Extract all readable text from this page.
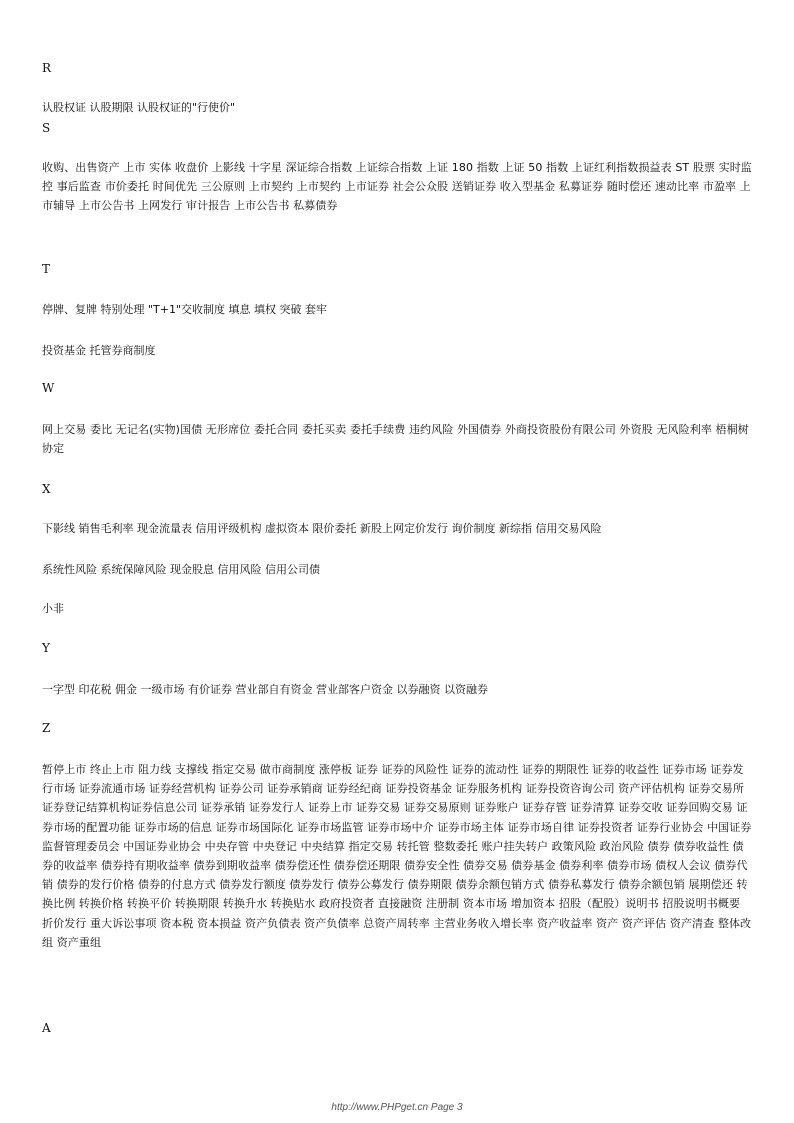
R
认股权证 认股期限 认股权证的"行使价"
S
收购、出售资产 上市 实体 收盘价 上影线 十字星 深证综合指数 上证综合指数 上证 180 指数 上证 50 指数 上证红利指数损益表 ST 股票 实时监控 事后监查 市价委托 时间优先 三公原则 上市契约 上市契约 上市证券 社会公众股 送销证券 收入型基金 私募证券 随时偿还 速动比率 市盈率 上市辅导 上市公告书 上网发行 审计报告 上市公告书 私募债券
T
停牌、复牌 特别处理 "T+1"交收制度 填息 填权 突破 套牢
投资基金 托管券商制度
W
网上交易 委比 无记名(实物)国债 无形席位 委托合同 委托买卖 委托手续费 违约风险 外国债券 外商投资股份有限公司 外资股 无风险利率 梧桐树协定
X
下影线 销售毛利率 现金流量表 信用评级机构 虚拟资本 限价委托 新股上网定价发行 询价制度 新综指 信用交易风险
系统性风险 系统保障风险 现金股息 信用风险 信用公司债
小非
Y
一字型 印花税 佣金 一级市场 有价证券 营业部自有资金 营业部客户资金 以券融资 以资融券
Z
暂停上市 终止上市 阻力线 支撑线 指定交易 做市商制度 涨停板 证券 证券的风险性 证券的流动性 证券的期限性 证券的收益性 证券市场 证券发行市场 证券流通市场 证券经营机构 证券公司 证券承销商 证券经纪商 证券投资基金 证券服务机构 证券投资咨询公司 资产评估机构 证券交易所 证券登记结算机构证券信息公司 证券承销 证券发行人 证券上市 证券交易 证券交易原则 证券账户 证券存管 证券清算 证券交收 证券回购交易 证券市场的配置功能 证券市场的信息 证券市场国际化 证券市场监管 证券市场中介 证券市场主体 证券市场自律 证券投资者 证券行业协会 中国证券监督管理委员会 中国证券业协会 中央存管 中央登记 中央结算 指定交易 转托管 整数委托 账户挂失转户 政策风险 政治风险 债券 债券收益性 债券的收益率 债券持有期收益率 债券到期收益率 债券偿还性 债券偿还期限 债券安全性 债券交易 债券基金 债券利率 债券市场 债权人会议 债券代销 债券的发行价格 债券的付息方式 债券发行额度 债券发行 债券公募发行 债券期限 债券余额包销方式 债券私募发行 债券余额包销 展期偿还 转换比例 转换价格 转换平价 转换期限 转换升水 转换贴水 政府投资者 直接融资 注册制 资本市场 增加资本 招股（配股）说明书 招股说明书概要 折价发行 重大诉讼事项 资本税 资本损益 资产负债表 资产负债率 总资产周转率 主营业务收入增长率 资产收益率 资产 资产评估 资产清查 整体改组 资产重组
A
http://www.PHPget.cn Page 3
